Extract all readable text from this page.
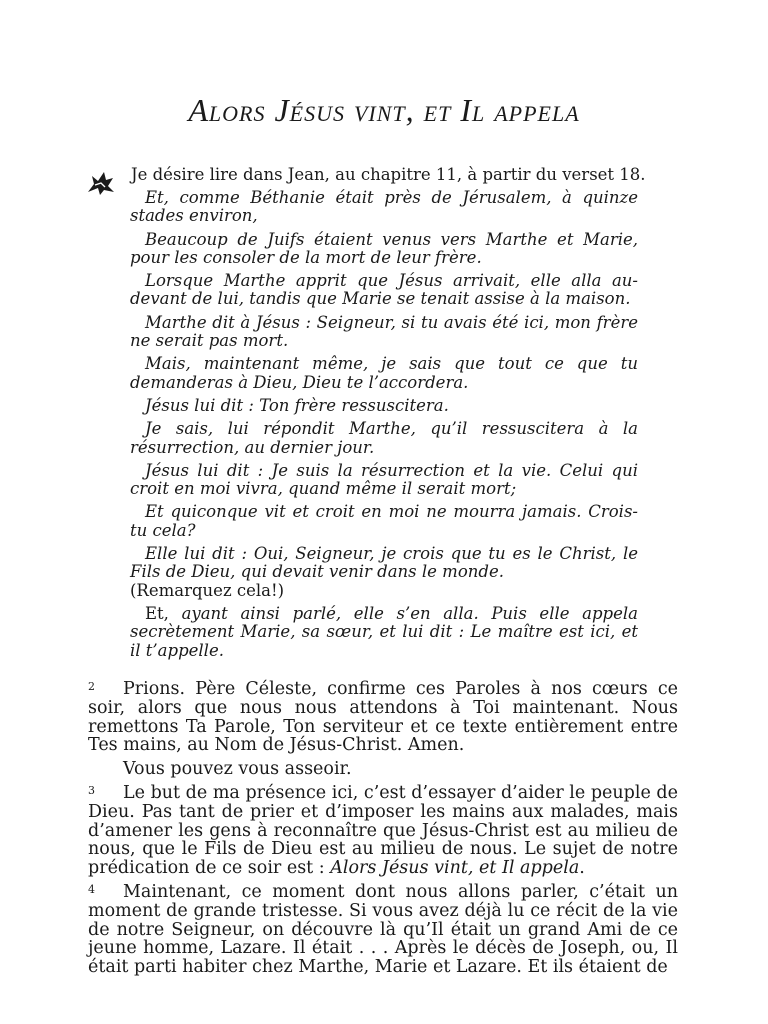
Alors Jésus vint, et Il appela

Je désire lire dans Jean, au chapitre 11, à partir du verset 18.

Et, comme Béthanie était près de Jérusalem, à quinze stades environ,

Beaucoup de Juifs étaient venus vers Marthe et Marie, pour les consoler de la mort de leur frère.

Lorsque Marthe apprit que Jésus arrivait, elle alla au-devant de lui, tandis que Marie se tenait assise à la maison.

Marthe dit à Jésus : Seigneur, si tu avais été ici, mon frère ne serait pas mort.

Mais, maintenant même, je sais que tout ce que tu demanderas à Dieu, Dieu te l’accordera.

Jésus lui dit : Ton frère ressuscitera.

Je sais, lui répondit Marthe, qu’il ressuscitera à la résurrection, au dernier jour.

Jésus lui dit : Je suis la résurrection et la vie. Celui qui croit en moi vivra, quand même il serait mort;

Et quiconque vit et croit en moi ne mourra jamais. Crois-tu cela?

Elle lui dit : Oui, Seigneur, je crois que tu es le Christ, le Fils de Dieu, qui devait venir dans le monde.
(Remarquez cela!)

Et, ayant ainsi parlé, elle s’en alla. Puis elle appela secrètement Marie, sa sœur, et lui dit : Le maître est ici, et il t’appelle.

2 Prions. Père Céleste, confirme ces Paroles à nos cœurs ce soir, alors que nous nous attendons à Toi maintenant. Nous remettons Ta Parole, Ton serviteur et ce texte entièrement entre Tes mains, au Nom de Jésus-Christ. Amen.

Vous pouvez vous asseoir.

3 Le but de ma présence ici, c’est d’essayer d’aider le peuple de Dieu. Pas tant de prier et d’imposer les mains aux malades, mais d’amener les gens à reconnaître que Jésus-Christ est au milieu de nous, que le Fils de Dieu est au milieu de nous. Le sujet de notre prédication de ce soir est : Alors Jésus vint, et Il appela.

4 Maintenant, ce moment dont nous allons parler, c’était un moment de grande tristesse. Si vous avez déjà lu ce récit de la vie de notre Seigneur, on découvre là qu’Il était un grand Ami de ce jeune homme, Lazare. Il était . . . Après le décès de Joseph, ou, Il était parti habiter chez Marthe, Marie et Lazare. Et ils étaient de
